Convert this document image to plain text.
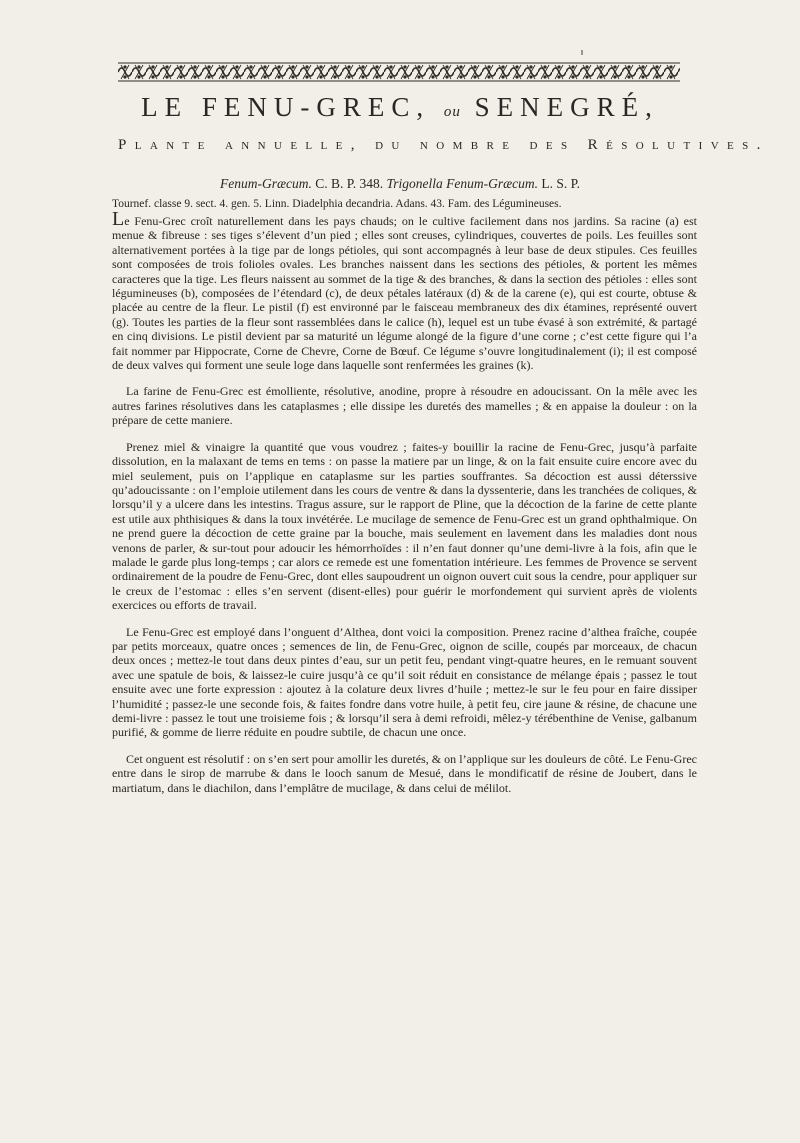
LE FENU-GREC, ou SENEGRÉ,
Plante annuelle, du nombre des Résolutives.
Fenum-Græcum. C. B. P. 348. Trigonella Fenum-Græcum. L. S. P.
Tournef. classe 9. sect. 4. gen. 5. Linn. Diadelphia decandria. Adans. 43. Fam. des Légumineuses.

Le Fenu-Grec croît naturellement dans les pays chauds; on le cultive facilement dans nos jardins. Sa racine (a) est menue & fibreuse : ses tiges s’élevent d’un pied ; elles sont creuses, cylindriques, couvertes de poils. Les feuilles sont alternativement portées à la tige par de longs pétioles, qui sont accompagnés à leur base de deux stipules. Ces feuilles sont composées de trois folioles ovales. Les branches naissent dans les sections des pétioles, & portent les mêmes caracteres que la tige. Les fleurs naissent au sommet de la tige & des branches, & dans la section des pétioles : elles sont légumineuses (b), composées de l’étendard (c), de deux pétales latéraux (d) & de la carene (e), qui est courte, obtuse & placée au centre de la fleur. Le pistil (f) est environné par le faisceau membraneux des dix étamines, représenté ouvert (g). Toutes les parties de la fleur sont rassemblées dans le calice (h), lequel est un tube évasé à son extrémité, & partagé en cinq divisions. Le pistil devient par sa maturité un légume alongé de la figure d’une corne ; c’est cette figure qui l’a fait nommer par Hippocrate, Corne de Chevre, Corne de Bœuf. Ce légume s’ouvre longitudinalement (i); il est composé de deux valves qui forment une seule loge dans laquelle sont renfermées les graines (k).

La farine de Fenu-Grec est émolliente, résolutive, anodine, propre à résoudre en adoucissant. On la mêle avec les autres farines résolutives dans les cataplasmes ; elle dissipe les duretés des mamelles ; & en appaise la douleur : on la prépare de cette maniere.

Prenez miel & vinaigre la quantité que vous voudrez ; faites-y bouillir la racine de Fenu-Grec, jusqu’à parfaite dissolution, en la malaxant de tems en tems : on passe la matiere par un linge, & on la fait ensuite cuire encore avec du miel seulement, puis on l’applique en cataplasme sur les parties souffrantes. Sa décoction est aussi déterssive qu’adoucissante : on l’emploie utilement dans les cours de ventre & dans la dyssenterie, dans les tranchées de coliques, & lorsqu’il y a ulcere dans les intestins. Tragus assure, sur le rapport de Pline, que la décoction de la farine de cette plante est utile aux phthisiques & dans la toux invétérée. Le mucilage de semence de Fenu-Grec est un grand ophthalmique. On ne prend guere la décoction de cette graine par la bouche, mais seulement en lavement dans les maladies dont nous venons de parler, & sur-tout pour adoucir les hémorrhoïdes : il n’en faut donner qu’une demi-livre à la fois, afin que le malade le garde plus long-temps ; car alors ce remede est une fomentation intérieure. Les femmes de Provence se servent ordinairement de la poudre de Fenu-Grec, dont elles saupoudrent un oignon ouvert cuit sous la cendre, pour appliquer sur le creux de l’estomac : elles s’en servent (disent-elles) pour guérir le morfondement qui survient après de violents exercices ou efforts de travail.

Le Fenu-Grec est employé dans l’onguent d’Althea, dont voici la composition. Prenez racine d’althea fraîche, coupée par petits morceaux, quatre onces ; semences de lin, de Fenu-Grec, oignon de scille, coupés par morceaux, de chacun deux onces ; mettez-le tout dans deux pintes d’eau, sur un petit feu, pendant vingt-quatre heures, en le remuant souvent avec une spatule de bois, & laissez-le cuire jusqu’à ce qu’il soit réduit en consistance de mélange épais ; passez le tout ensuite avec une forte expression : ajoutez à la colature deux livres d’huile ; mettez-le sur le feu pour en faire dissiper l’humidité ; passez-le une seconde fois, & faites fondre dans votre huile, à petit feu, cire jaune & résine, de chacune une demi-livre : passez le tout une troisieme fois ; & lorsqu’il sera à demi refroidi, mêlez-y térébenthine de Venise, galbanum purifié, & gomme de lierre réduite en poudre subtile, de chacun une once.

Cet onguent est résolutif : on s’en sert pour amollir les duretés, & on l’applique sur les douleurs de côté. Le Fenu-Grec entre dans le sirop de marrube & dans le looch sanum de Mesué, dans le mondificatif de résine de Joubert, dans le martiatum, dans le diachilon, dans l’emplâtre de mucilage, & dans celui de mélilot.
